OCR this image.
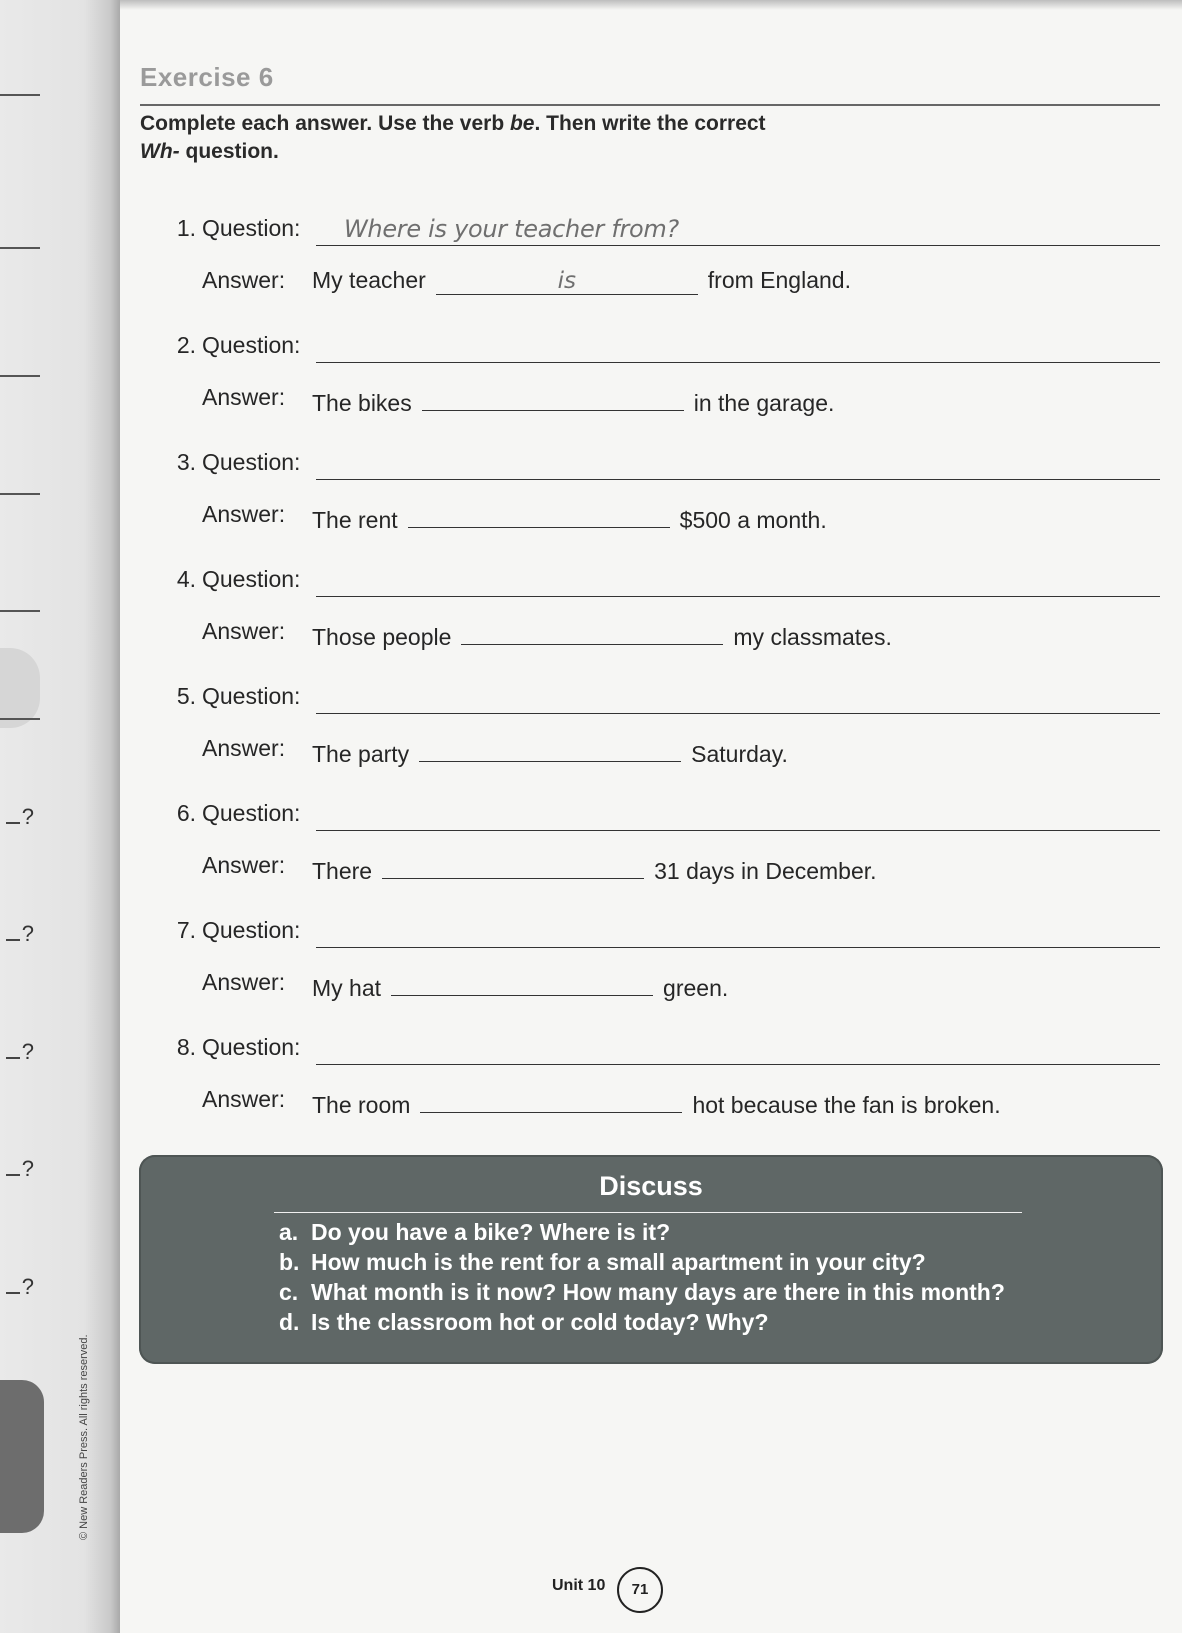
?
?
?
?
?
© New Readers Press. All rights reserved.
Exercise 6
Complete each answer. Use the verb be. Then write the correct
Wh- question.
1. Question: Where is your teacher from?
Answer: My teacher	is	from England.
2. Question:
Answer: The bikes	in the garage.
3. Question:
Answer: The rent	$500 a month.
4. Question:
Answer: Those people	my classmates.
5. Question:
Answer: The party	Saturday.
6. Question:
Answer: There	31 days in December.
7. Question:
Answer: My hat	green.
8. Question:
Answer: The room	hot because the fan is broken.
Discuss
a. Do you have a bike? Where is it?
b. How much is the rent for a small apartment in your city?
c. What month is it now? How many days are there in this month?
d. Is the classroom hot or cold today? Why?
Unit 10	71
